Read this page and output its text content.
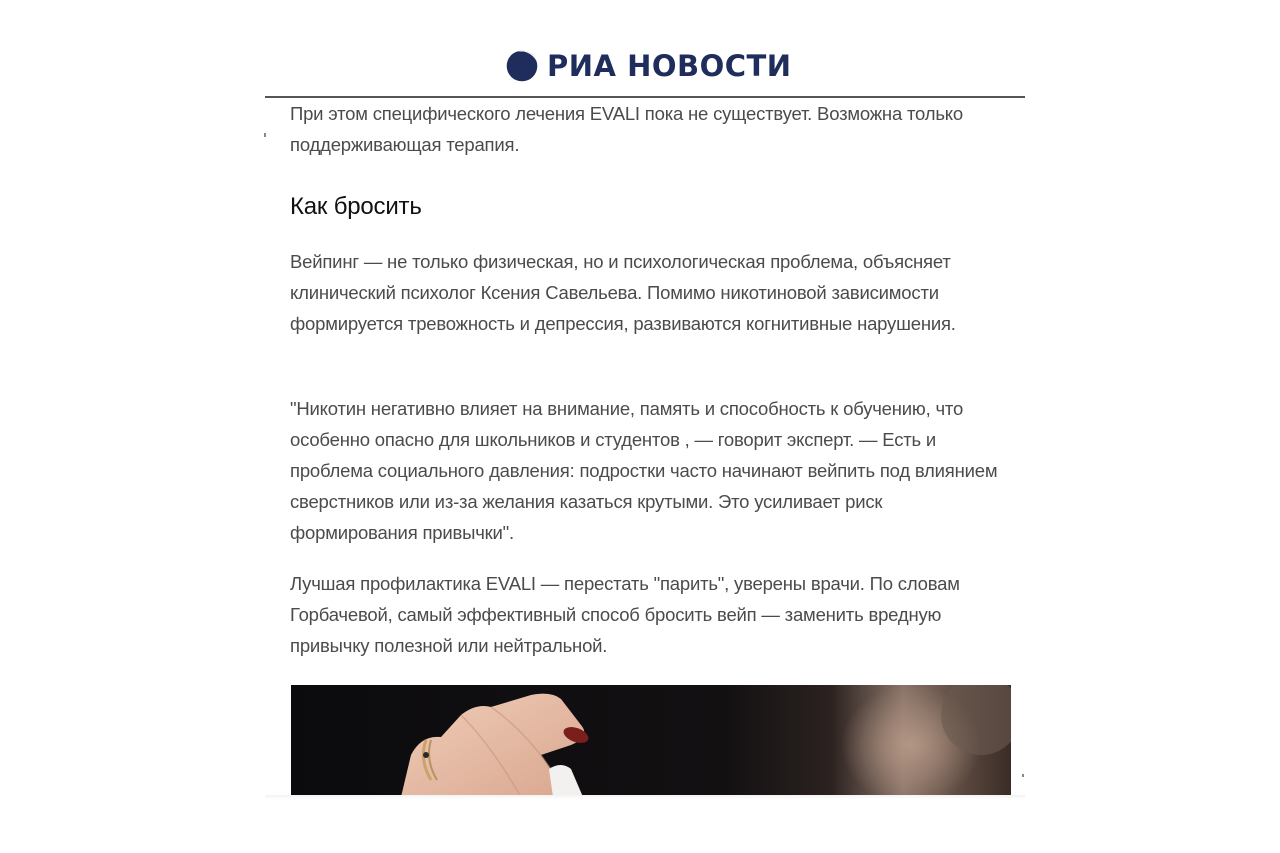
РИА НОВОСТИ

При этом специфического лечения EVALI пока не существует. Возможна только поддерживающая терапия.

Как бросить

Вейпинг — не только физическая, но и психологическая проблема, объясняет клинический психолог Ксения Савельева. Помимо никотиновой зависимости формируется тревожность и депрессия, развиваются когнитивные нарушения.

"Никотин негативно влияет на внимание, память и способность к обучению, что особенно опасно для школьников и студентов , — говорит эксперт. — Есть и проблема социального давления: подростки часто начинают вейпить под влиянием сверстников или из-за желания казаться крутыми. Это усиливает риск формирования привычки".

Лучшая профилактика EVALI — перестать "парить", уверены врачи. По словам Горбачевой, самый эффективный способ бросить вейп — заменить вредную привычку полезной или нейтральной.
